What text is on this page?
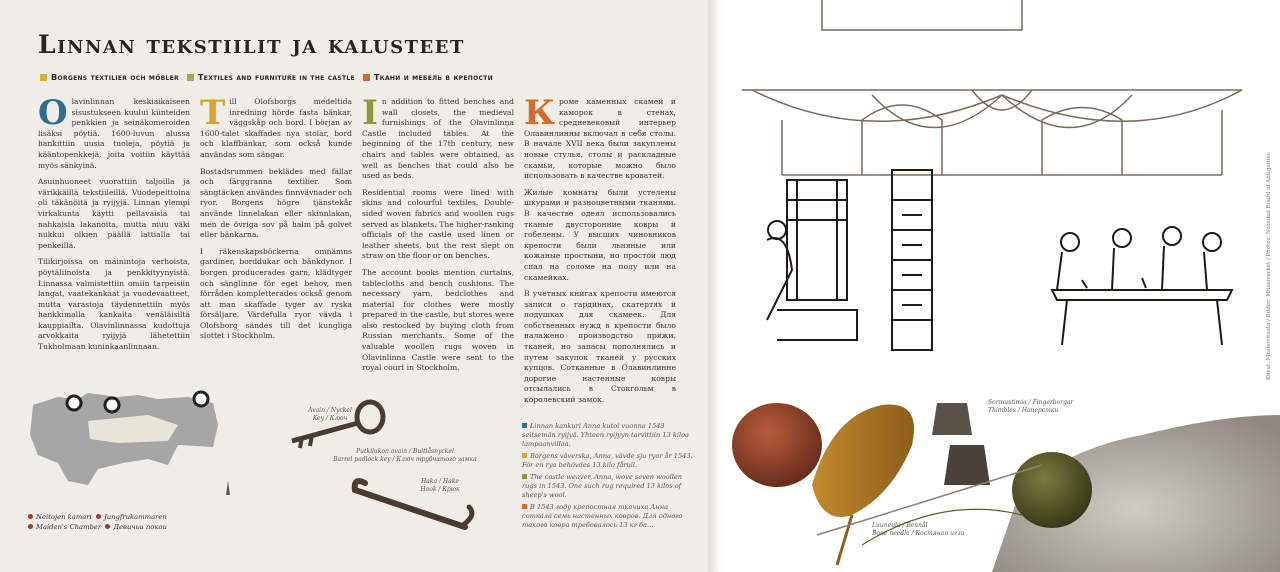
Linnan tekstiilit ja kalusteet
Borgens textilier och möbler	Textiles and furniture in the castle	Ткани и мебель в крепости

Olavinlinnan keskiaikaiseen sisustukseen kuului kiinteiden penkkien ja seinäkomeroiden lisäksi pöytiä. 1600-luvun alussa hankittiin uusia tuoleja, pöytiä ja kääntopenkkejä, joita voitiin käyttää myös sänkyinä.

Asuinhuoneet vuorattiin taljoilla ja värikkäillä tekstiileillä. Vuodepeittoina oli täkänöitä ja ryijyjä. Linnan ylempi virkakunta käytti pellavaisia tai nahkaisia lakanoita, mutta muu väki nukkui olkien päällä lattialla tai penkeillä.

Tilikirjoissa on mainintoja verhoista, pöytäliinoista ja penkkityynyistä. Linnassa valmistettiin omiin tarpeisiin langat, vaatekankaat ja vuodevaatteet, mutta varastoja täydennettiin myös hankkimalla kankaita venäläisiltä kauppiailta. Olavinlinnassa kudottuja arvokkaita ryijyjä lähetettiin Tukholmaan kuninkaanlinnaan.

Till Olofsborgs medeltida inredning hörde fasta bänkar, väggskåp och bord. I början av 1600-talet skaffades nya stolar, bord och klaffbänkar, som också kunde användas som sängar.

Bostadsrummen beklädes med fällar och färggranna textilier. Som sängtäcken användes finnvävnader och ryor. Borgens högre tjänstekår använde linnelakan eller skinnlakan, men de övriga sov på halm på golvet eller bänkarna.

I räkenskapsböckerna omnämns gardiner, borddukar och bänkdynor. I borgen producerades garn, klädtyger och sänglinne för eget behov, men förråden kompletterades också genom att man skaffade tyger av ryska försäljare. Värdefulla ryor vävda i Olofsborg sändes till det kungliga slottet i Stockholm.

In addition to fitted benches and wall closets, the medieval furnishings of the Olavinlinna Castle included tables. At the beginning of the 17th century, new chairs and tables were obtained, as well as benches that could also be used as beds.

Residential rooms were lined with skins and colourful textiles. Double-sided woven fabrics and woollen rugs served as blankets. The higher-ranking officials of the castle used linen or leather sheets, but the rest slept on straw on the floor or on benches.

The account books mention curtains, tablecloths and bench cushions. The necessary yarn, bedclothes and material for clothes were mostly prepared in the castle, but stores were also restocked by buying cloth from Russian merchants. Some of the valuable woollen rugs woven in Olavinlinna Castle were sent to the royal court in Stockholm.

Кроме каменных скамей и каморок в стенах, средневековый интерьер Олавинлинны включал в себя столы. В начале XVII века были закуплены новые стулья, столы и раскладные скамьи, которые можно было использовать в качестве кроватей.

Жилые комнаты были устелены шкурами и разноцветными тканями. В качестве одеял использовались тканые двусторонние ковры и гобелены. У высших чиновников крепости были льняные или кожаные простыни, но простой люд спал на соломе на полу или на скамейках.

В учетных книгах крепости имеются записи о гардинах, скатертях и подушках для скамеек. Для собственных нужд в крепости было налажено производство пряжи, тканей, но запасы пополнялись и путем закупок тканей у русских купцов. Сотканные в Олавинлинне дорогие настенные ковры отсылались в Стокгольм в королевский замок.

Neitojen kamari Jungfrukammaren
Maiden's Chamber Девичьи покои
Avain / Nyckel
Key / Ключ
Putkilukon avain / Bultlåsnyckel
Barrel padlock key / Ключ трубчатого замка
Haka / Hake
Hook / Крюк

Linnan kankuri Anna kutoi vuonna 1543 seitsemän ryijyä. Yhteen ryijyyn tarvittiin 13 kiloa lampaanvillaa.

Borgens väverska, Anna, vävde sju ryor år 1543. För en rya behövdes 13 kilo fårull.

The castle weaver, Anna, wove seven woollen rugs in 1543. One such rug required 13 kilos of sheep's wool.

В 1543 году крепостная ткачиха Анна соткала семь настенных ковров. Для одного такого ковра требовалось 13 кг ба…

Sormustimia / Fingerborgar
Thimbles / Наперстки
Luuneula / Bennål
Bone needle / Костяная игла
Kuvat: Museovirasto / Bilder: Museiverket / Photos: National Board of Antiquities
